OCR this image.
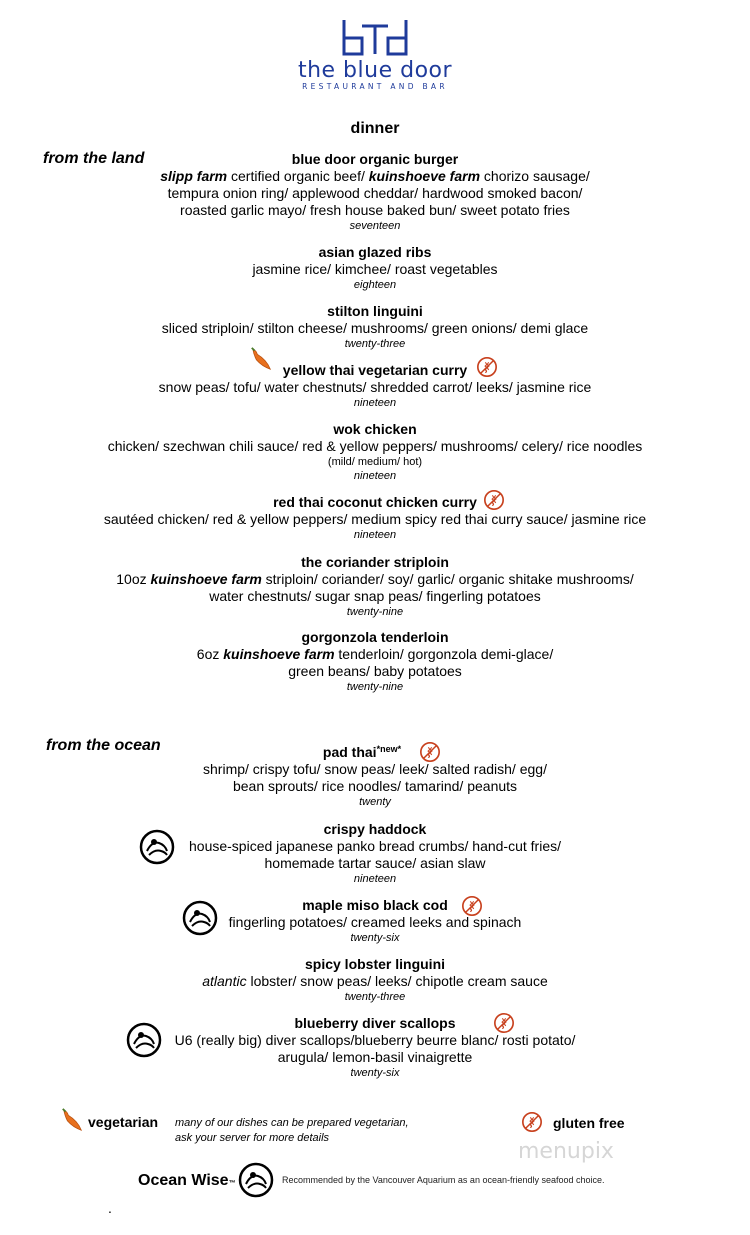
the blue door
RESTAURANT AND BAR
dinner
from the land	blue door organic burger
slipp farm certified organic beef/ kuinshoeve farm chorizo sausage/
tempura onion ring/ applewood cheddar/ hardwood smoked bacon/
roasted garlic mayo/ fresh house baked bun/ sweet potato fries
seventeen
asian glazed ribs
jasmine rice/ kimchee/ roast vegetables
eighteen
stilton linguini
sliced striploin/ stilton cheese/ mushrooms/ green onions/ demi glace
twenty-three
yellow thai vegetarian curry
snow peas/ tofu/ water chestnuts/ shredded carrot/ leeks/ jasmine rice
nineteen
wok chicken
chicken/ szechwan chili sauce/ red & yellow peppers/ mushrooms/ celery/ rice noodles
(mild/ medium/ hot)
nineteen
red thai coconut chicken curry
sautéed chicken/ red & yellow peppers/ medium spicy red thai curry sauce/ jasmine rice
nineteen
the coriander striploin
10oz kuinshoeve farm striploin/ coriander/ soy/ garlic/ organic shitake mushrooms/
water chestnuts/ sugar snap peas/ fingerling potatoes
twenty-nine
gorgonzola tenderloin
6oz kuinshoeve farm tenderloin/ gorgonzola demi-glace/
green beans/ baby potatoes
twenty-nine
from the ocean	pad thai$^{*new*}$
shrimp/ crispy tofu/ snow peas/ leek/ salted radish/ egg/
bean sprouts/ rice noodles/ tamarind/ peanuts
twenty
crispy haddock
house-spiced japanese panko bread crumbs/ hand-cut fries/
homemade tartar sauce/ asian slaw
nineteen
maple miso black cod
fingerling potatoes/ creamed leeks and spinach
twenty-six
spicy lobster linguini
atlantic lobster/ snow peas/ leeks/ chipotle cream sauce
twenty-three
blueberry diver scallops
U6 (really big) diver scallops/blueberry beurre blanc/ rosti potato/
arugula/ lemon-basil vinaigrette
twenty-six
vegetarian many of our dishes can be prepared vegetarian,
ask your server for more details
gluten free
menupix
Ocean Wise™	Recommended by the Vancouver Aquarium as an ocean-friendly seafood choice.
.
